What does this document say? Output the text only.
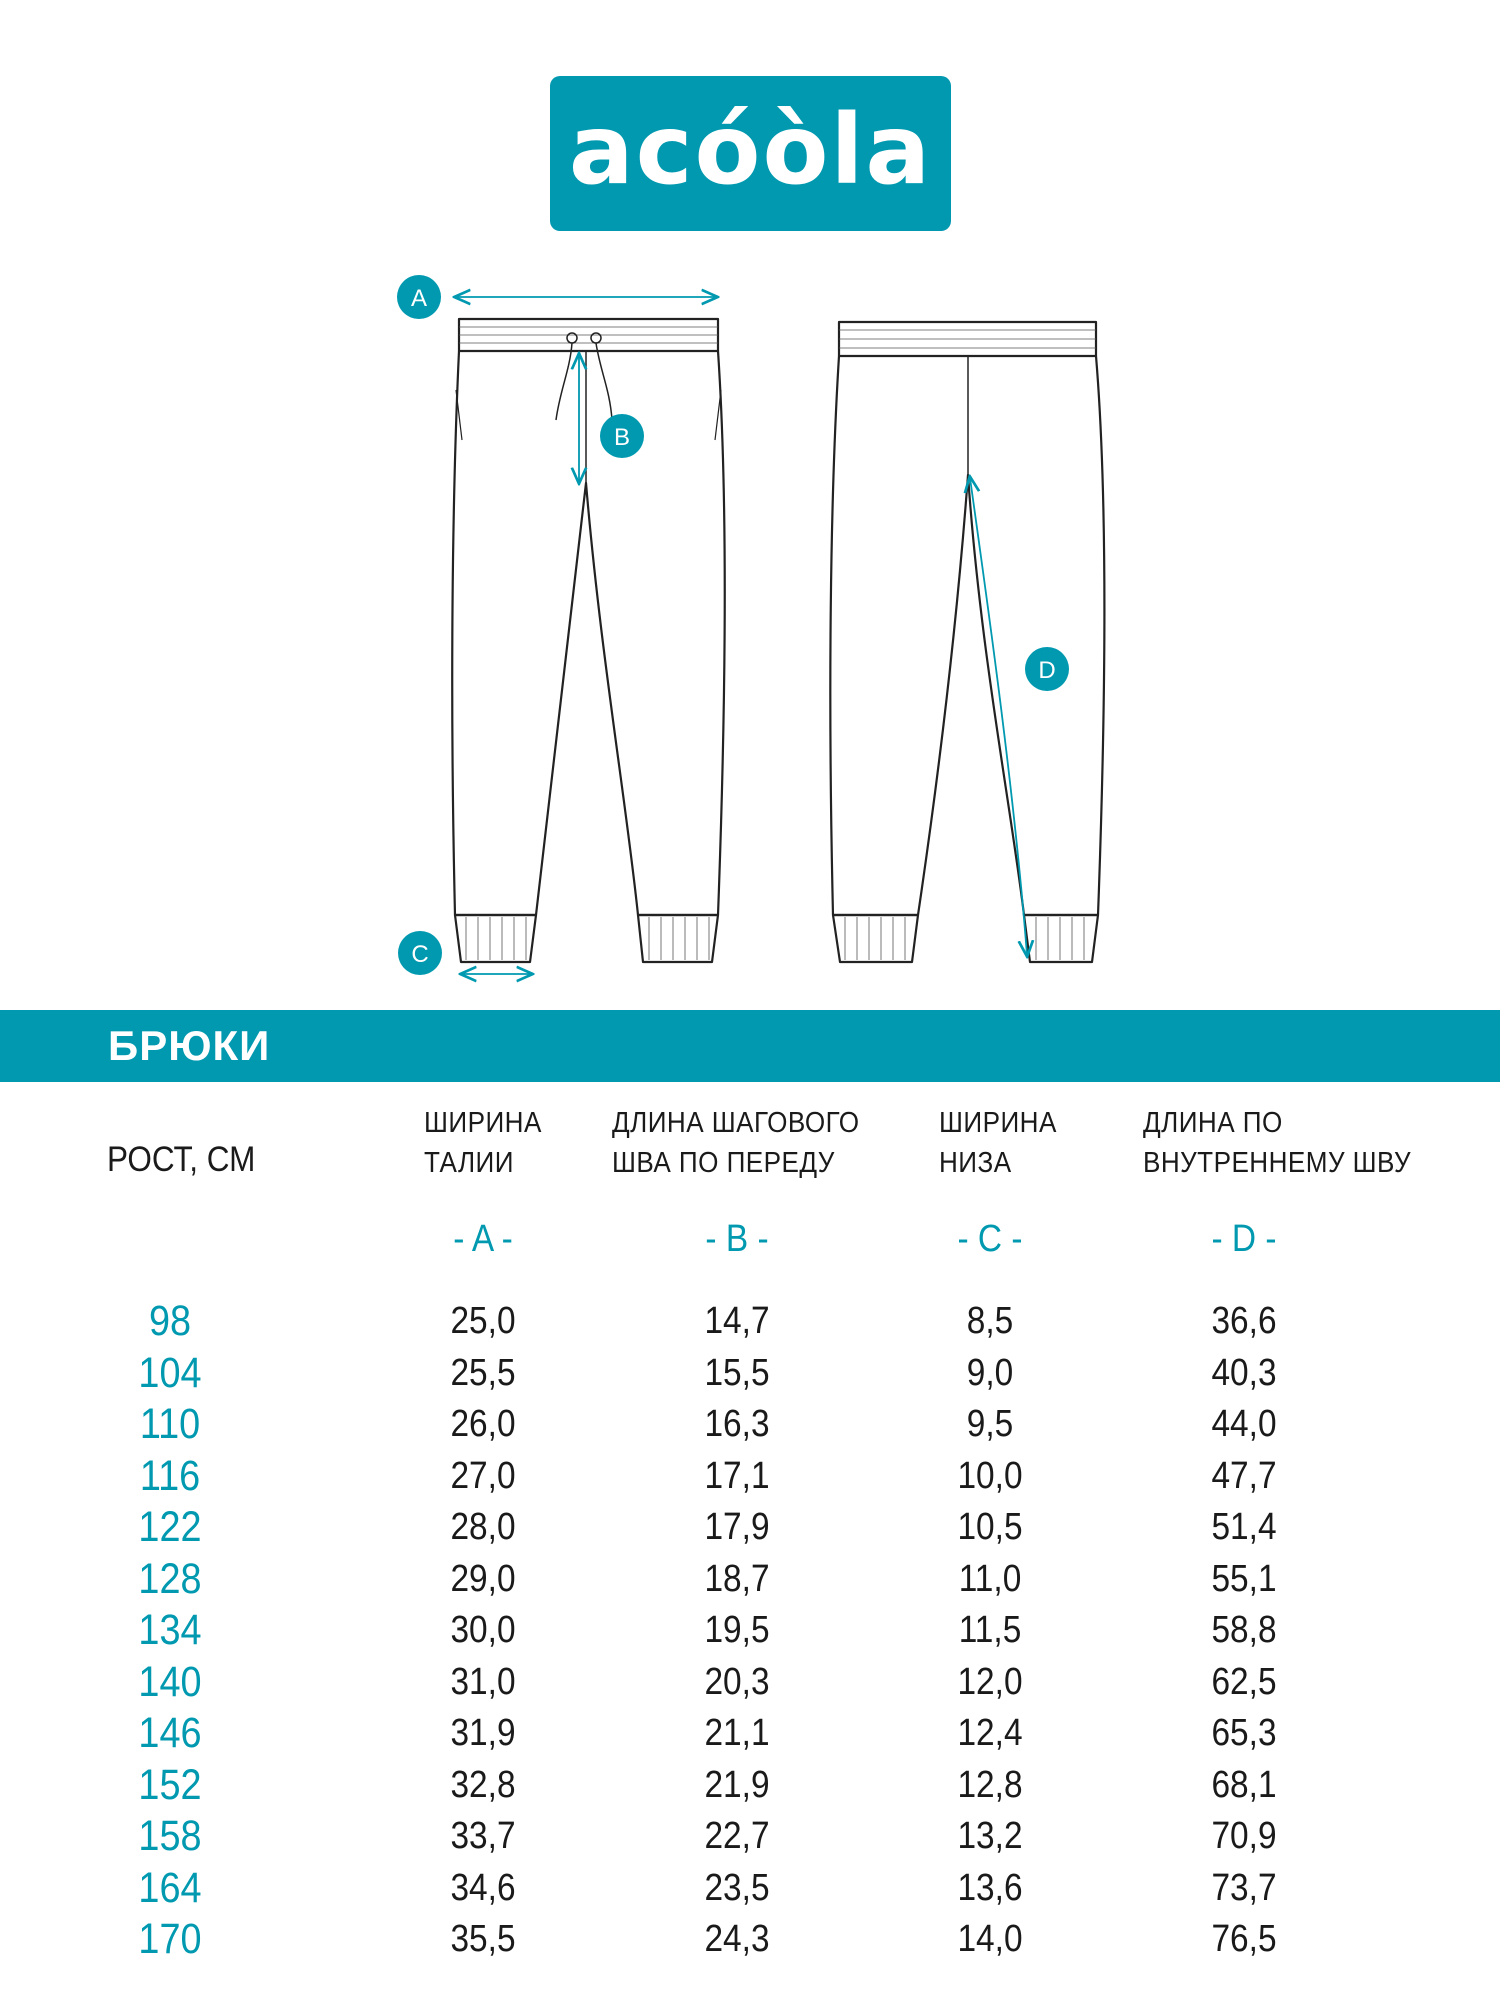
acóòla
A
B
C
D
БРЮКИ
РОСТ, СМ
ШИРИНА
ТАЛИИ
ДЛИНА ШАГОВОГО
ШВА ПО ПЕРЕДУ
ШИРИНА
НИЗА
ДЛИНА ПО
ВНУТРЕННЕМУ ШВУ
- A -	- B -	- C -	- D -
98	25,0	14,7	8,5	36,6
104	25,5	15,5	9,0	40,3
110	26,0	16,3	9,5	44,0
116	27,0	17,1	10,0	47,7
122	28,0	17,9	10,5	51,4
128	29,0	18,7	11,0	55,1
134	30,0	19,5	11,5	58,8
140	31,0	20,3	12,0	62,5
146	31,9	21,1	12,4	65,3
152	32,8	21,9	12,8	68,1
158	33,7	22,7	13,2	70,9
164	34,6	23,5	13,6	73,7
170	35,5	24,3	14,0	76,5
